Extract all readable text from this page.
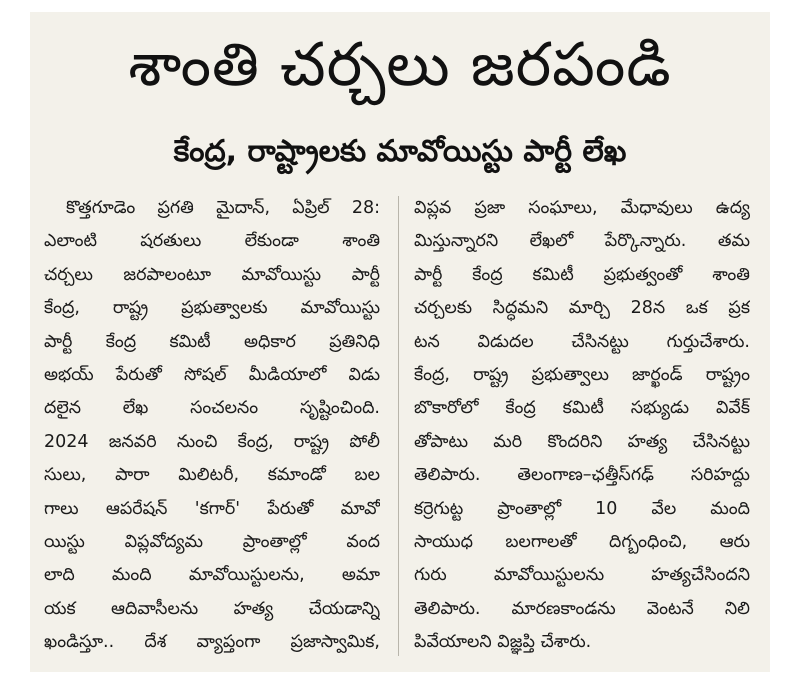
శాంతి చర్చలు జరపండి
కేంద్ర, రాష్ట్రాలకు మావోయిస్టు పార్టీ లేఖ
కొత్తగూడెం ప్రగతి మైదాన్, ఏప్రిల్ 28:
ఎలాంటి షరతులు లేకుండా శాంతి
చర్చలు జరపాలంటూ మావోయిస్టు పార్టీ
కేంద్ర, రాష్ట్ర ప్రభుత్వాలకు మావోయిస్టు
పార్టీ కేంద్ర కమిటీ అధికార ప్రతినిధి
అభయ్ పేరుతో సోషల్ మీడియాలో విడు
దలైన లేఖ సంచలనం సృష్టించింది.
2024 జనవరి నుంచి కేంద్ర, రాష్ట్ర పోలీ
సులు, పారా మిలిటరీ, కమాండో బల
గాలు ఆపరేషన్ 'కగార్' పేరుతో మావో
యిస్టు విప్లవోద్యమ ప్రాంతాల్లో వంద
లాది మంది మావోయిస్టులను, అమా
యక ఆదివాసీలను హత్య చేయడాన్ని
ఖండిస్తూ.. దేశ వ్యాప్తంగా ప్రజాస్వామిక,
విప్లవ ప్రజా సంఘాలు, మేధావులు ఉద్య
మిస్తున్నారని లేఖలో పేర్కొన్నారు. తమ
పార్టీ కేంద్ర కమిటీ ప్రభుత్వంతో శాంతి
చర్చలకు సిద్ధమని మార్చి 28న ఒక ప్రక
టన విడుదల చేసినట్టు గుర్తుచేశారు.
కేంద్ర, రాష్ట్ర ప్రభుత్వాలు జార్ఖండ్ రాష్ట్రం
బొకారోలో కేంద్ర కమిటీ సభ్యుడు వివేక్
తోపాటు మరి కొందరిని హత్య చేసినట్టు
తెలిపారు. తెలంగాణ–ఛత్తీస్‌గఢ్ సరిహద్దు
కర్రెగుట్ట ప్రాంతాల్లో 10 వేల మంది
సాయుధ బలగాలతో దిగ్బంధించి, ఆరు
గురు మావోయిస్టులను హత్యచేసిందని
తెలిపారు. మారణకాండను వెంటనే నిలి
పివేయాలని విజ్ఞప్తి చేశారు.
